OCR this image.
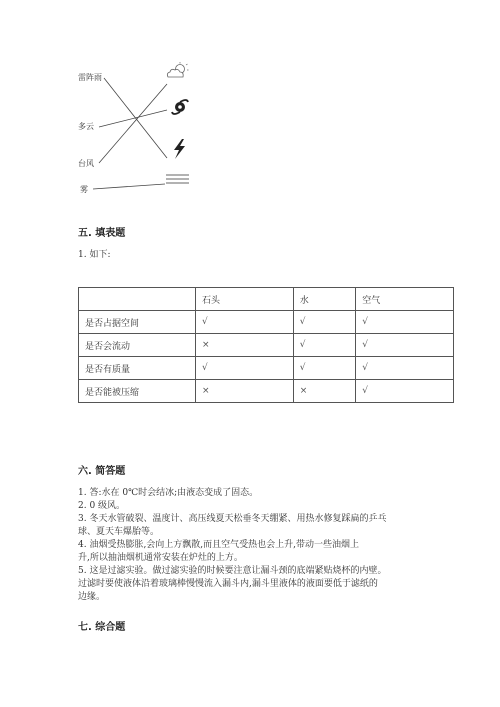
雷阵雨
多云
台风
雾
五. 填表题
1. 如下:
	石头	水	空气
是否占据空间	√	√	√
是否会流动	×	√	√
是否有质量	√	√	√
是否能被压缩	×	×	√
六. 简答题
1. 答:水在 0℃时会结冰;由液态变成了固态。
2. 0 级风。
3. 冬天水管破裂、温度计、高压线夏天松垂冬天绷紧、用热水修复踩扁的乒乓
球、夏天车爆胎等。
4. 油烟受热膨胀,会向上方飘散,而且空气受热也会上升,带动一些油烟上
升,所以抽油烟机通常安装在炉灶的上方。
5. 这是过滤实验。做过滤实验的时候要注意让漏斗颈的底端紧贴烧杯的内壁。
过滤时要使液体沿着玻璃棒慢慢流入漏斗内,漏斗里液体的液面要低于滤纸的
边缘。
七. 综合题
